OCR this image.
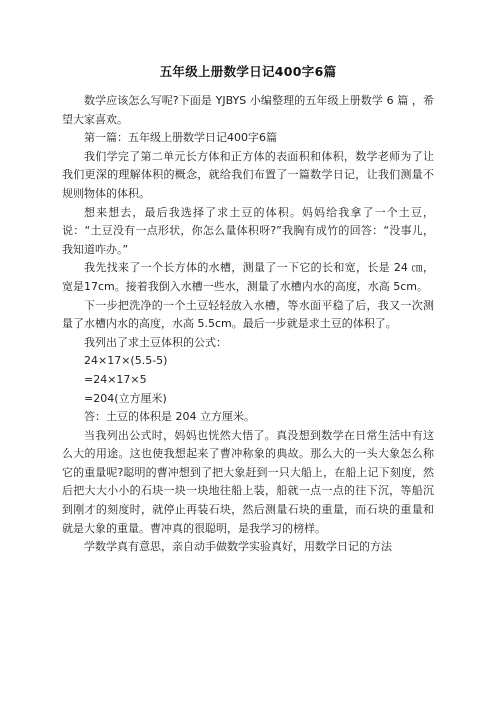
五年级上册数学日记400字6篇

数学应该怎么写呢?下面是 YJBYS 小编整理的五年级上册数学 6 篇 ，希望大家喜欢。

第一篇：五年级上册数学日记400字6篇

我们学完了第二单元长方体和正方体的表面积和体积，数学老师为了让我们更深的理解体积的概念，就给我们布置了一篇数学日记，让我们测量不规则物体的体积。

想来想去，最后我选择了求土豆的体积。妈妈给我拿了一个土豆，说：“土豆没有一点形状，你怎么量体积呀?”我胸有成竹的回答：“没事儿，我知道咋办。”

我先找来了一个长方体的水槽，测量了一下它的长和宽，长是 24 ㎝，宽是17cm。接着我倒入水槽一些水，测量了水槽内水的高度，水高 5cm。

下一步把洗净的一个土豆轻轻放入水槽，等水面平稳了后，我又一次测量了水槽内水的高度，水高 5.5cm。最后一步就是求土豆的体积了。

我列出了求土豆体积的公式：

24×17×(5.5-5)

=24×17×5

=204(立方厘米)

答：土豆的体积是 204 立方厘米。

当我列出公式时，妈妈也恍然大悟了。真没想到数学在日常生活中有这么大的用途。这也使我想起来了曹冲称象的典故。那么大的一头大象怎么称它的重量呢?聪明的曹冲想到了把大象赶到一只大船上，在船上记下刻度，然后把大大小小的石块一块一块地往船上装，船就一点一点的往下沉，等船沉到刚才的刻度时，就停止再装石块，然后测量石块的重量，而石块的重量和就是大象的重量。曹冲真的很聪明，是我学习的榜样。

学数学真有意思，亲自动手做数学实验真好，用数学日记的方法
